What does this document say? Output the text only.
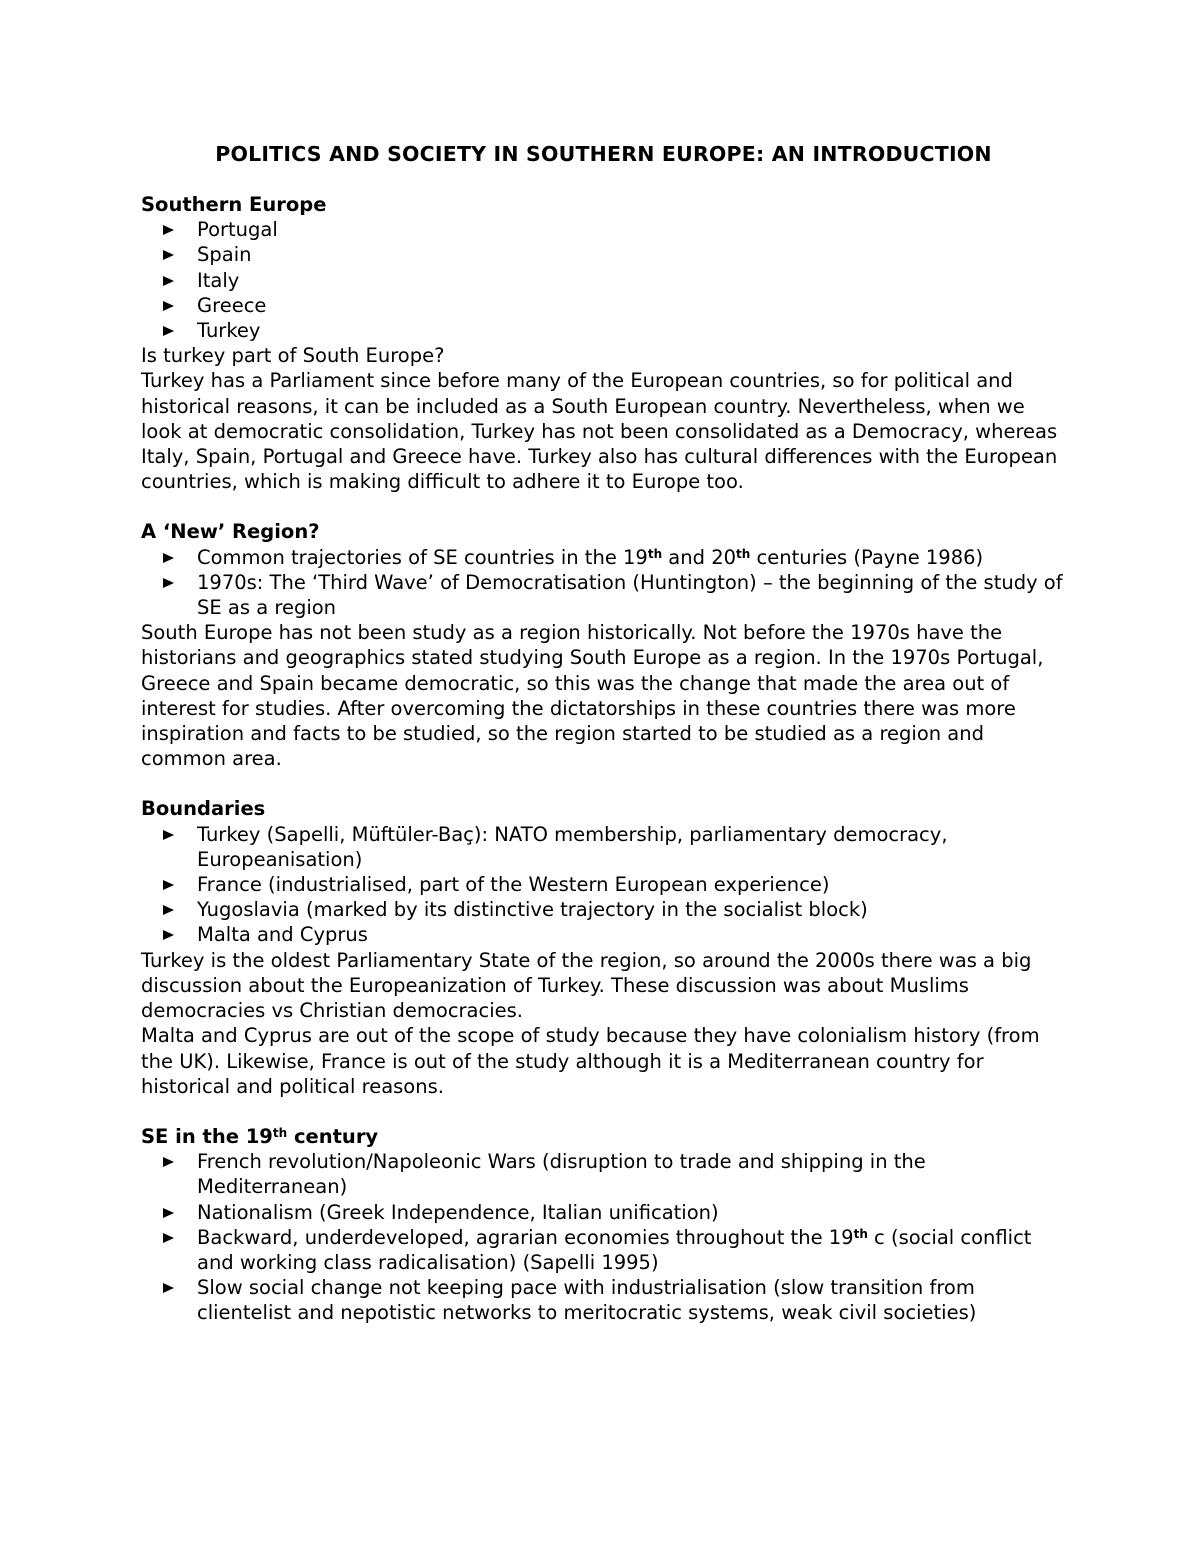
POLITICS AND SOCIETY IN SOUTHERN EUROPE: AN INTRODUCTION

Southern Europe

Portugal
Spain
Italy
Greece
Turkey

Is turkey part of South Europe?

Turkey has a Parliament since before many of the European countries, so for political and historical reasons, it can be included as a South European country. Nevertheless, when we look at democratic consolidation, Turkey has not been consolidated as a Democracy, whereas Italy, Spain, Portugal and Greece have. Turkey also has cultural differences with the European countries, which is making difficult to adhere it to Europe too.

A ‘New’ Region?

Common trajectories of SE countries in the 19th and 20th centuries (Payne 1986)
1970s: The ‘Third Wave’ of Democratisation (Huntington) – the beginning of the study of SE as a region

South Europe has not been study as a region historically. Not before the 1970s have the historians and geographics stated studying South Europe as a region. In the 1970s Portugal, Greece and Spain became democratic, so this was the change that made the area out of interest for studies. After overcoming the dictatorships in these countries there was more inspiration and facts to be studied, so the region started to be studied as a region and common area.

Boundaries

Turkey (Sapelli, Müftüler-Baç): NATO membership, parliamentary democracy, Europeanisation)
France (industrialised, part of the Western European experience)
Yugoslavia (marked by its distinctive trajectory in the socialist block)
Malta and Cyprus

Turkey is the oldest Parliamentary State of the region, so around the 2000s there was a big discussion about the Europeanization of Turkey. These discussion was about Muslims democracies vs Christian democracies.

Malta and Cyprus are out of the scope of study because they have colonialism history (from the UK). Likewise, France is out of the study although it is a Mediterranean country for historical and political reasons.

SE in the 19th century

French revolution/Napoleonic Wars (disruption to trade and shipping in the Mediterranean)
Nationalism (Greek Independence, Italian unification)
Backward, underdeveloped, agrarian economies throughout the 19th c (social conflict and working class radicalisation) (Sapelli 1995)
Slow social change not keeping pace with industrialisation (slow transition from clientelist and nepotistic networks to meritocratic systems, weak civil societies)
